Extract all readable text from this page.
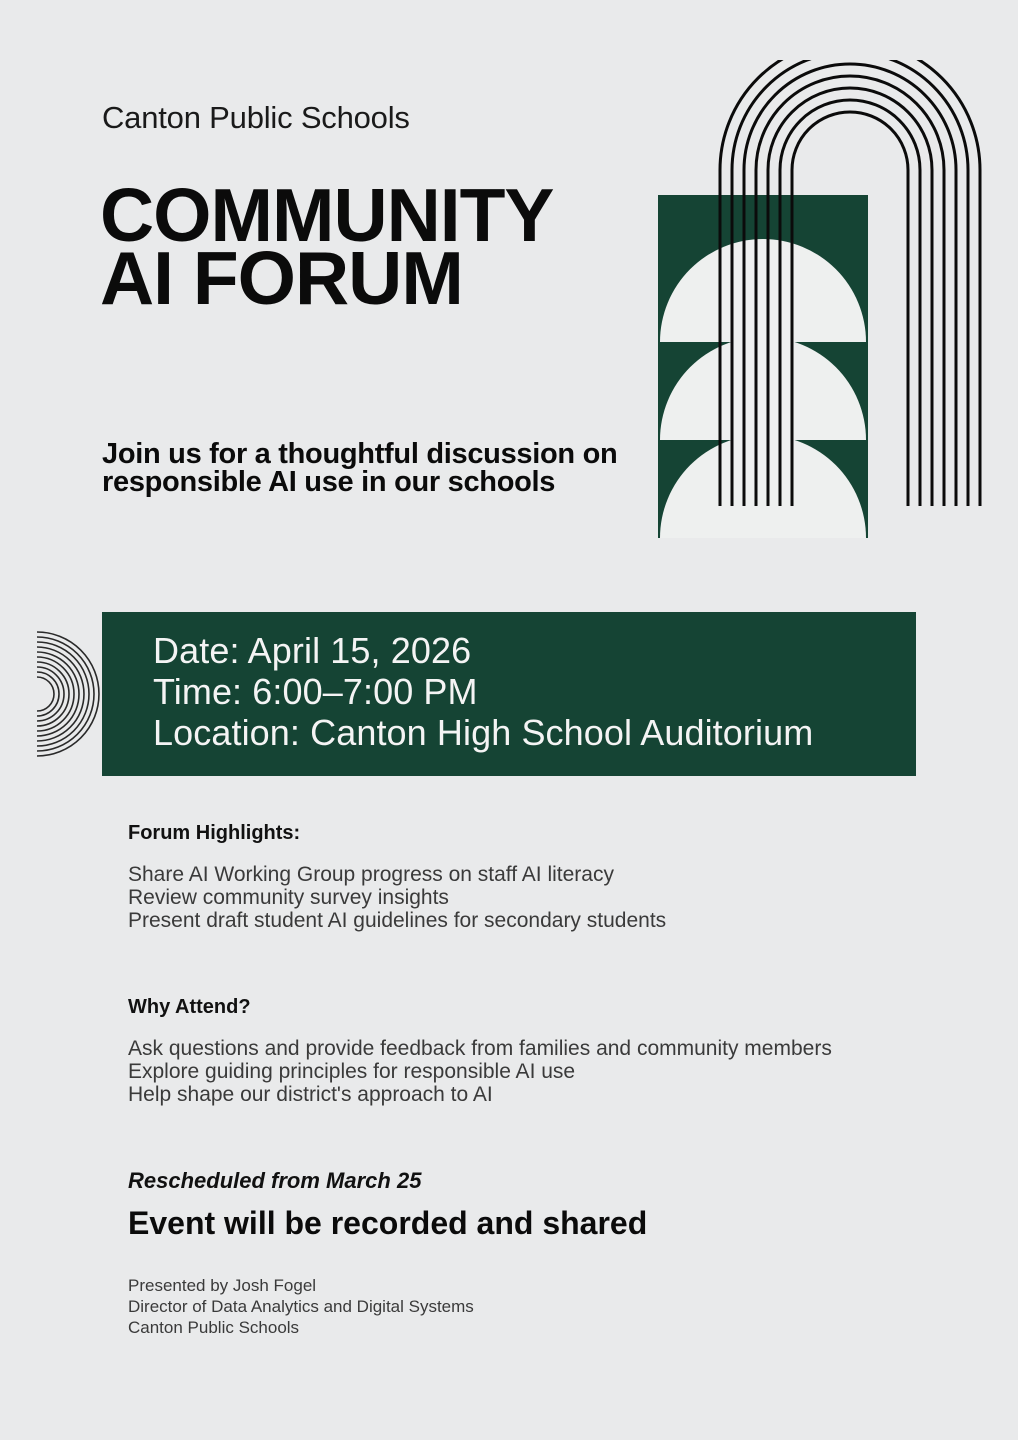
Canton Public Schools
COMMUNITY
AI FORUM
Join us for a thoughtful discussion on responsible AI use in our schools
Date: April 15, 2026
Time: 6:00–7:00 PM
Location: Canton High School Auditorium
Forum Highlights:
Share AI Working Group progress on staff AI literacy
Review community survey insights
Present draft student AI guidelines for secondary students
Why Attend?
Ask questions and provide feedback from families and community members
Explore guiding principles for responsible AI use
Help shape our district's approach to AI
Rescheduled from March 25
Event will be recorded and shared
Presented by Josh Fogel
Director of Data Analytics and Digital Systems
Canton Public Schools
